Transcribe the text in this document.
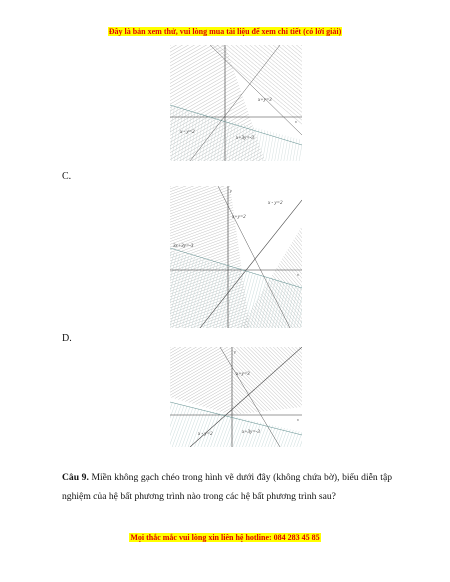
Đây là bản xem thử, vui lòng mua tài liệu để xem chi tiết (có lời giải)
x+y=3
x - y=2
x+3y=-3
x
C.
x - y=2
x+y=2
3x+3y=-3
x
y
D.
x+y=3
x - y=2	x+3y=-3
x
y
Câu 9. Miền không gạch chéo trong hình vẽ dưới đây (không chứa bờ), biểu diễn tập nghiệm của hệ bất phương trình nào trong các hệ bất phương trình sau?
Mọi thắc mắc vui lòng xin liên hệ hotline: 084 283 45 85
